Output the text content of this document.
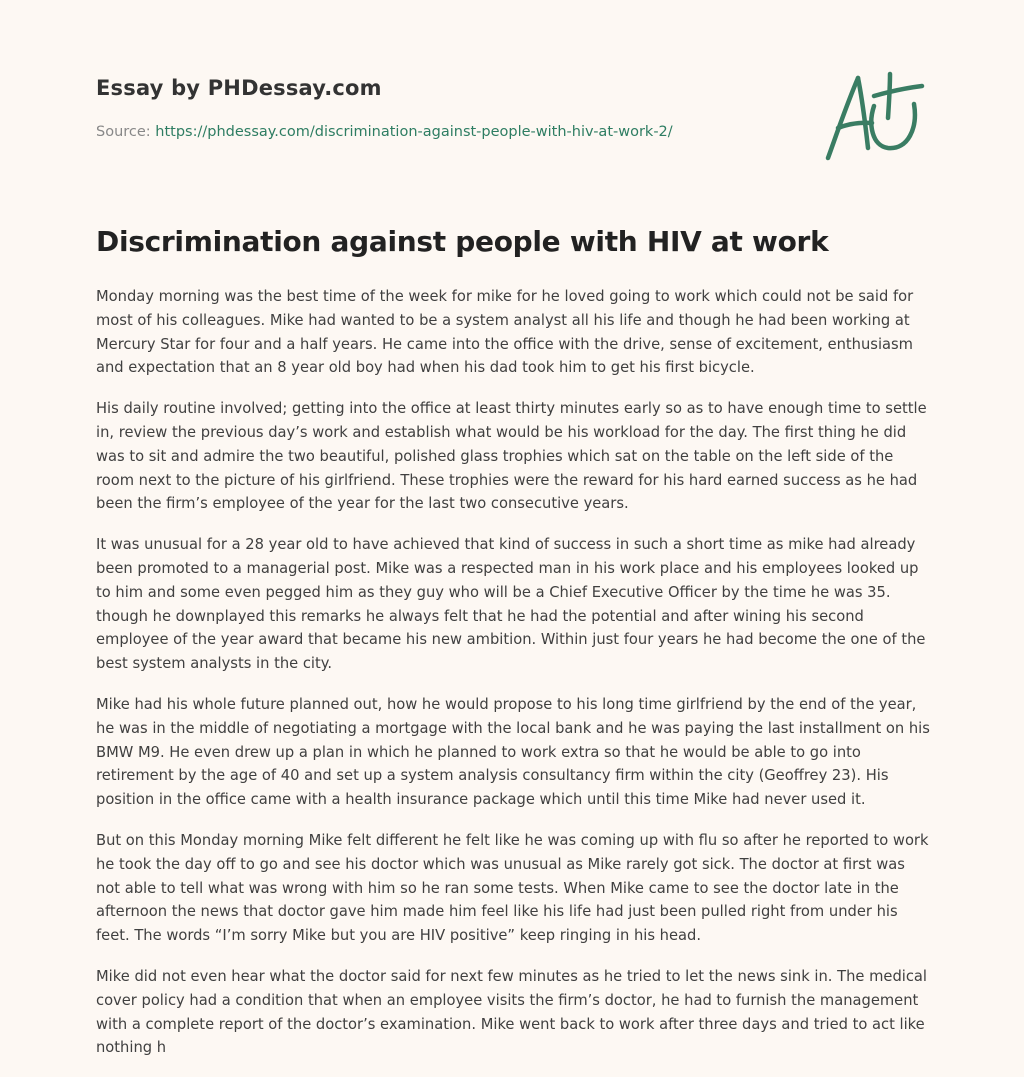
Essay by PHDessay.com
Source: https://phdessay.com/discrimination-against-people-with-hiv-at-work-2/
Discrimination against people with HIV at work

Monday morning was the best time of the week for mike for he loved going to work which could not be said for most of his colleagues. Mike had wanted to be a system analyst all his life and though he had been working at Mercury Star for four and a half years. He came into the office with the drive, sense of excitement, enthusiasm and expectation that an 8 year old boy had when his dad took him to get his first bicycle.

His daily routine involved; getting into the office at least thirty minutes early so as to have enough time to settle in, review the previous day’s work and establish what would be his workload for the day. The first thing he did was to sit and admire the two beautiful, polished glass trophies which sat on the table on the left side of the room next to the picture of his girlfriend. These trophies were the reward for his hard earned success as he had been the firm’s employee of the year for the last two consecutive years.

It was unusual for a 28 year old to have achieved that kind of success in such a short time as mike had already been promoted to a managerial post. Mike was a respected man in his work place and his employees looked up to him and some even pegged him as they guy who will be a Chief Executive Officer by the time he was 35. though he downplayed this remarks he always felt that he had the potential and after wining his second employee of the year award that became his new ambition. Within just four years he had become the one of the best system analysts in the city.

Mike had his whole future planned out, how he would propose to his long time girlfriend by the end of the year, he was in the middle of negotiating a mortgage with the local bank and he was paying the last installment on his BMW M9. He even drew up a plan in which he planned to work extra so that he would be able to go into retirement by the age of 40 and set up a system analysis consultancy firm within the city (Geoffrey 23). His position in the office came with a health insurance package which until this time Mike had never used it.

But on this Monday morning Mike felt different he felt like he was coming up with flu so after he reported to work he took the day off to go and see his doctor which was unusual as Mike rarely got sick. The doctor at first was not able to tell what was wrong with him so he ran some tests. When Mike came to see the doctor late in the afternoon the news that doctor gave him made him feel like his life had just been pulled right from under his feet. The words “I’m sorry Mike but you are HIV positive” keep ringing in his head.

Mike did not even hear what the doctor said for next few minutes as he tried to let the news sink in. The medical cover policy had a condition that when an employee visits the firm’s doctor, he had to furnish the management with a complete report of the doctor’s examination. Mike went back to work after three days and tried to act like nothing h
